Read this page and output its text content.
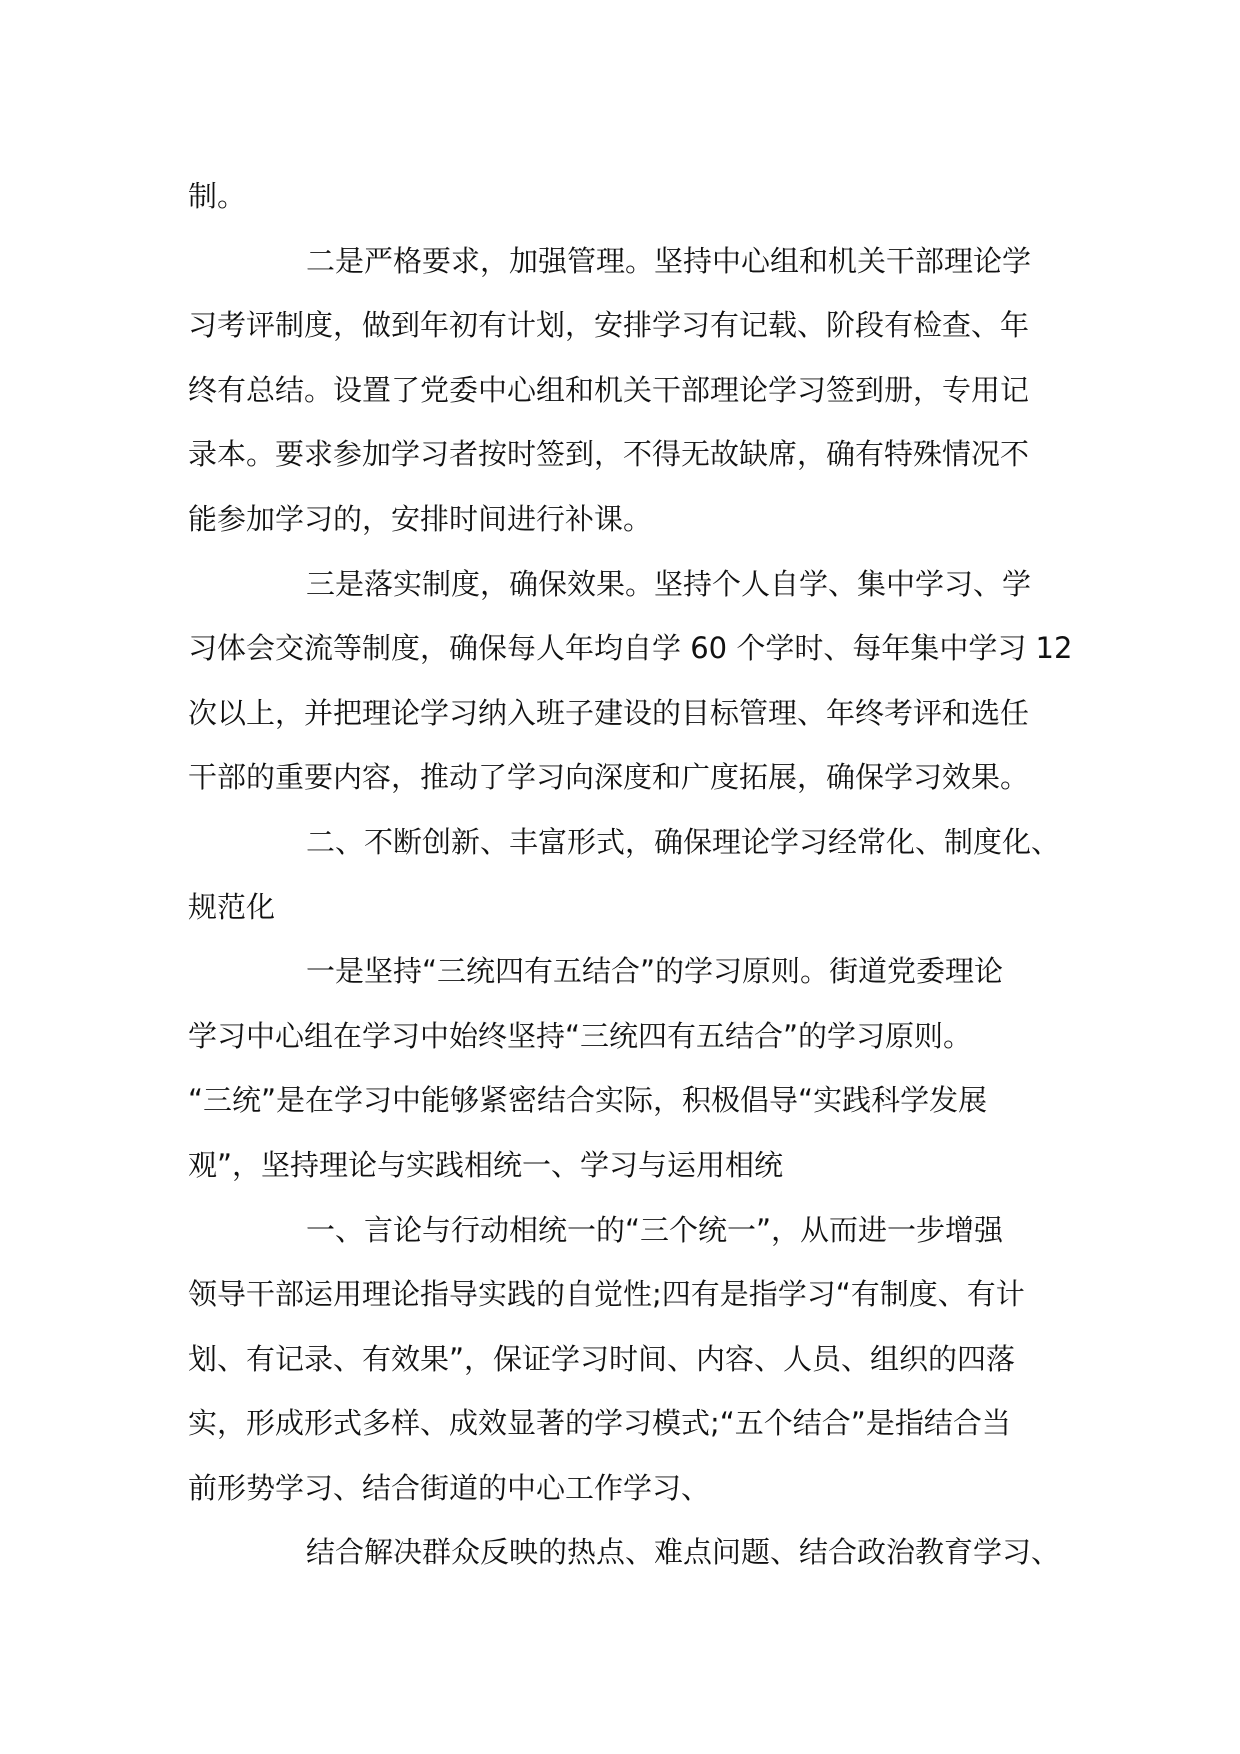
制。
二是严格要求，加强管理。坚持中心组和机关干部理论学
习考评制度，做到年初有计划，安排学习有记载、阶段有检查、年
终有总结。设置了党委中心组和机关干部理论学习签到册，专用记
录本。要求参加学习者按时签到，不得无故缺席，确有特殊情况不
能参加学习的，安排时间进行补课。
三是落实制度，确保效果。坚持个人自学、集中学习、学
习体会交流等制度，确保每人年均自学 60 个学时、每年集中学习 12
次以上，并把理论学习纳入班子建设的目标管理、年终考评和选任
干部的重要内容，推动了学习向深度和广度拓展，确保学习效果。
二、不断创新、丰富形式，确保理论学习经常化、制度化、
规范化
一是坚持“三统四有五结合”的学习原则。街道党委理论
学习中心组在学习中始终坚持“三统四有五结合”的学习原则。
“三统”是在学习中能够紧密结合实际，积极倡导“实践科学发展
观”，坚持理论与实践相统一、学习与运用相统
一、言论与行动相统一的“三个统一”，从而进一步增强
领导干部运用理论指导实践的自觉性;四有是指学习“有制度、有计
划、有记录、有效果”，保证学习时间、内容、人员、组织的四落
实，形成形式多样、成效显著的学习模式;“五个结合”是指结合当
前形势学习、结合街道的中心工作学习、
结合解决群众反映的热点、难点问题、结合政治教育学习、
